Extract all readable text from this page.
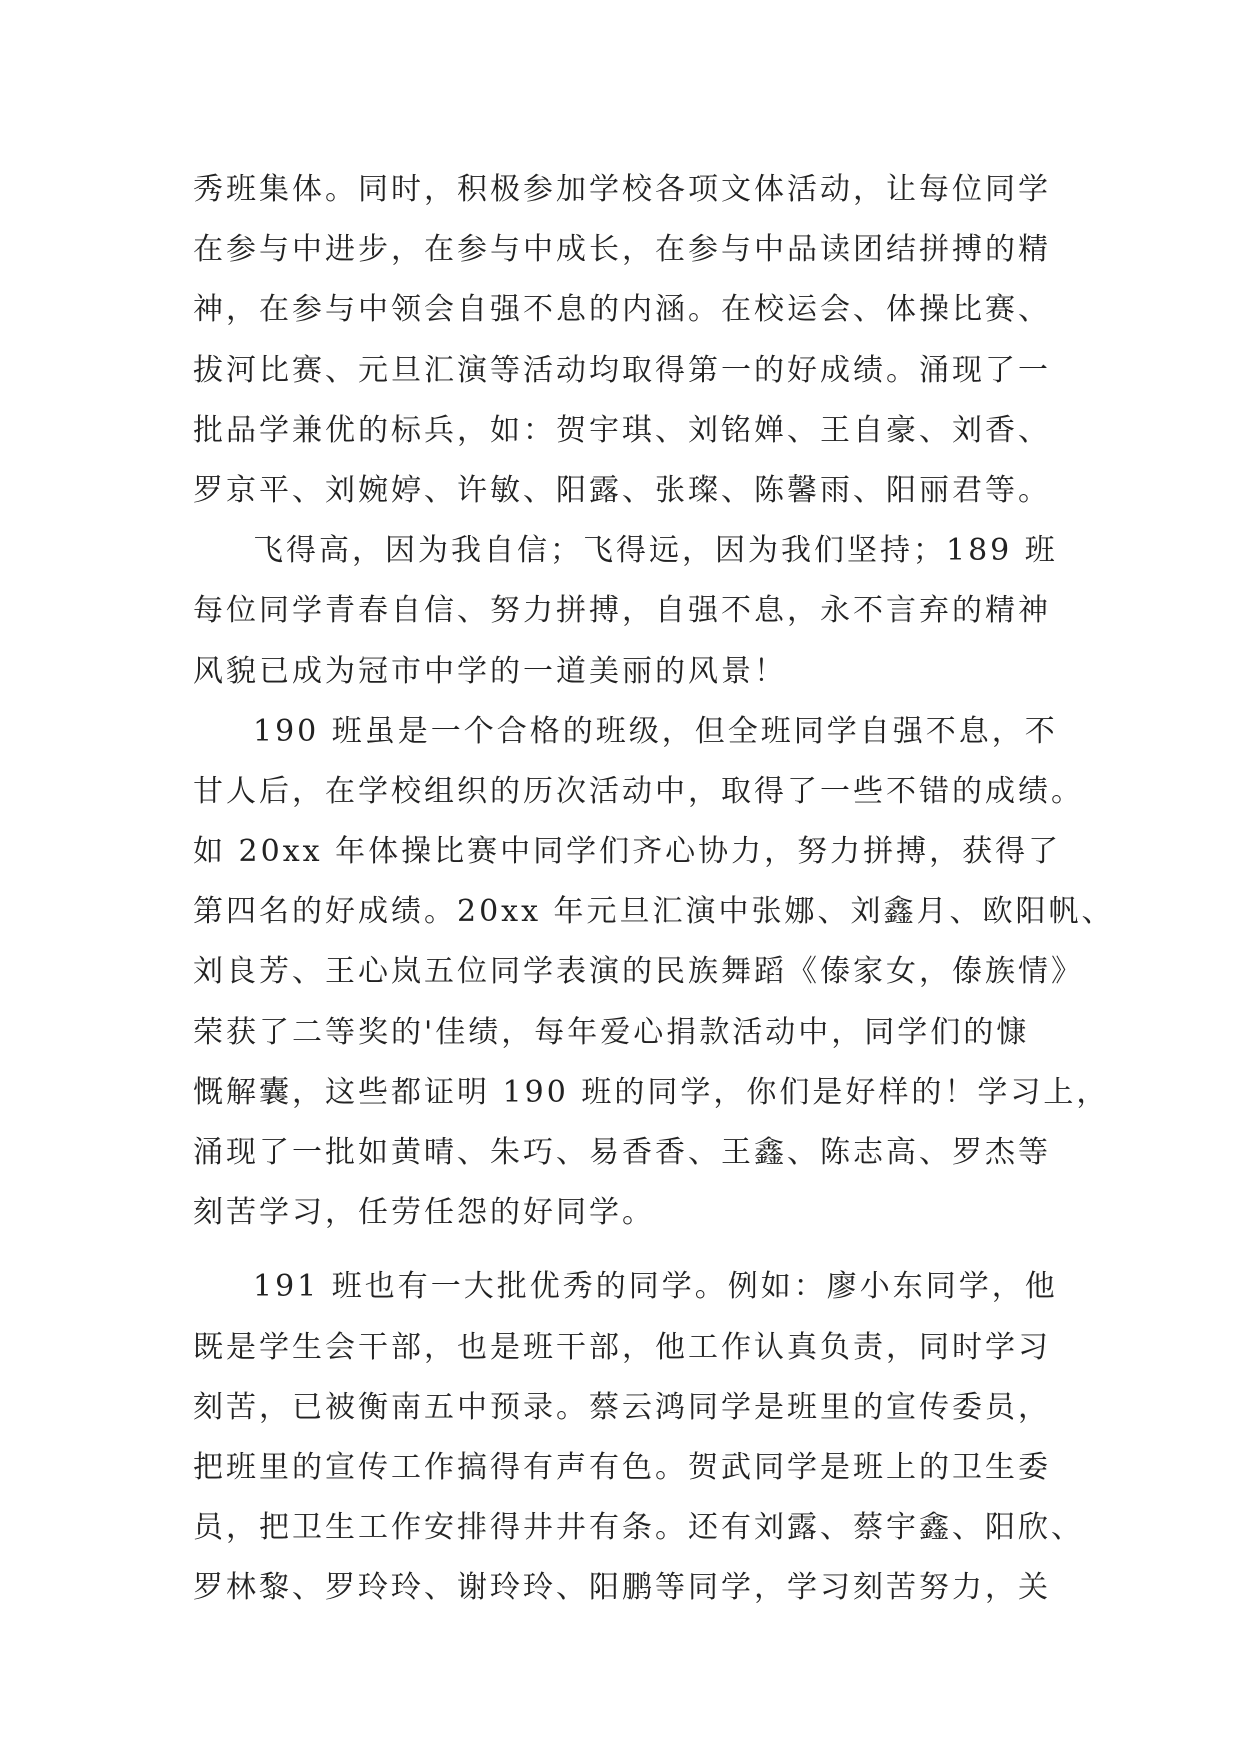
秀班集体。同时，积极参加学校各项文体活动，让每位同学
在参与中进步，在参与中成长，在参与中品读团结拼搏的精
神，在参与中领会自强不息的内涵。在校运会、体操比赛、
拔河比赛、元旦汇演等活动均取得第一的好成绩。涌现了一
批品学兼优的标兵，如：贺宇琪、刘铭婵、王自豪、刘香、
罗京平、刘婉婷、许敏、阳露、张璨、陈馨雨、阳丽君等。
飞得高，因为我自信；飞得远，因为我们坚持；189 班
每位同学青春自信、努力拼搏，自强不息，永不言弃的精神
风貌已成为冠市中学的一道美丽的风景！
190 班虽是一个合格的班级，但全班同学自强不息，不
甘人后，在学校组织的历次活动中，取得了一些不错的成绩。
如 20xx 年体操比赛中同学们齐心协力，努力拼搏，获得了
第四名的好成绩。20xx 年元旦汇演中张娜、刘鑫月、欧阳帆、
刘良芳、王心岚五位同学表演的民族舞蹈《傣家女，傣族情》
荣获了二等奖的'佳绩，每年爱心捐款活动中，同学们的慷
慨解囊，这些都证明 190 班的同学，你们是好样的！学习上，
涌现了一批如黄晴、朱巧、易香香、王鑫、陈志高、罗杰等
刻苦学习，任劳任怨的好同学。
191 班也有一大批优秀的同学。例如：廖小东同学，他
既是学生会干部，也是班干部，他工作认真负责，同时学习
刻苦，已被衡南五中预录。蔡云鸿同学是班里的宣传委员，
把班里的宣传工作搞得有声有色。贺武同学是班上的卫生委
员，把卫生工作安排得井井有条。还有刘露、蔡宇鑫、阳欣、
罗林黎、罗玲玲、谢玲玲、阳鹏等同学，学习刻苦努力，关
